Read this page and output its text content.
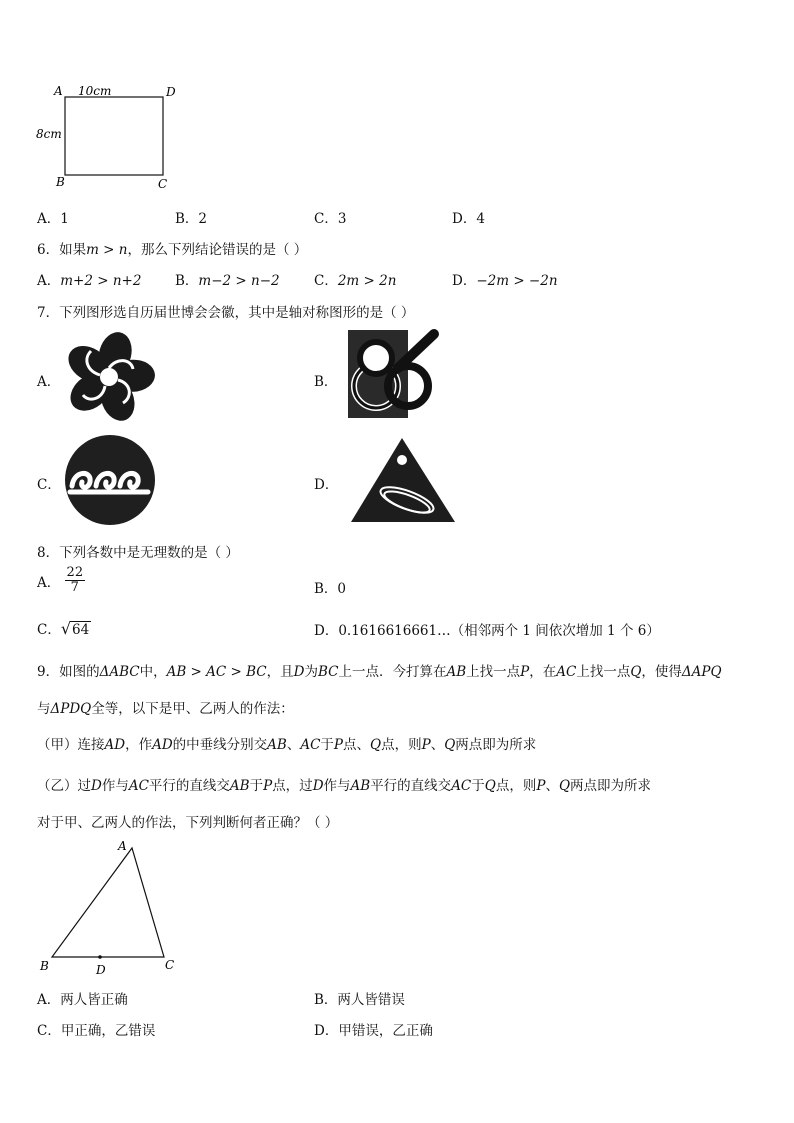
A 10cm	D
8cm
B	C
A．1	B．2	C．3	D．4
6．如果m > n，那么下列结论错误的是（ ）
A．m+2 > n+2 B．m−2 > n−2	C．2m > 2n	D．−2m > −2n
7．下列图形选自历届世博会会徽，其中是轴对称图形的是（ ）
A．	B．
C．	D．
8．下列各数中是无理数的是（ ）
A． $\frac{22}{7}$	B．0
C．√64	D．0.1616616661…（相邻两个 1 间依次增加 1 个 6）
9．如图的ΔABC中，AB > AC > BC，且D为BC上一点．今打算在AB上找一点P，在AC上找一点Q，使得ΔAPQ
与ΔPDQ全等，以下是甲、乙两人的作法：
（甲）连接AD，作AD的中垂线分别交AB、AC于P点、Q点，则P、Q两点即为所求
（乙）过D作与AC平行的直线交AB于P点，过D作与AB平行的直线交AC于Q点，则P、Q两点即为所求
对于甲、乙两人的作法，下列判断何者正确？（ ）
A
B	D	C
A．两人皆正确	B．两人皆错误
C．甲正确，乙错误	D．甲错误，乙正确
